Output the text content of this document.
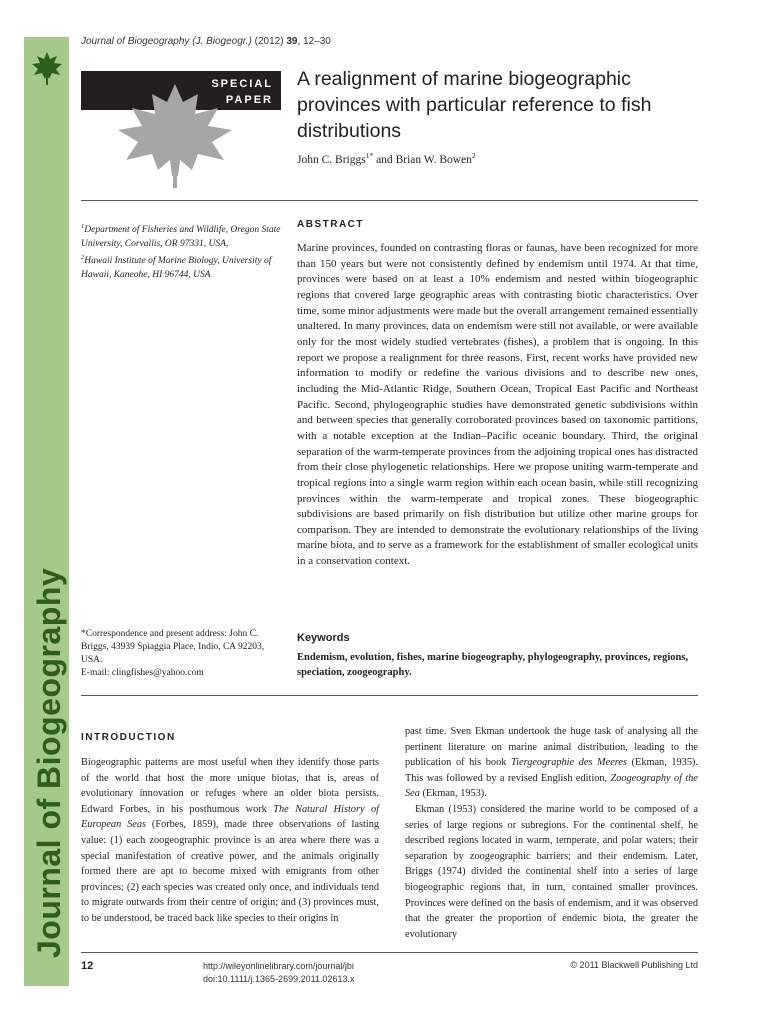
Journal of Biogeography
Journal of Biogeography (J. Biogeogr.) (2012) 39, 12–30
SPECIAL
PAPER
A realignment of marine biogeographic provinces with particular reference to fish distributions
John C. Briggs$^{1*}$ and Brian W. Bowen$^2$
$^1$Department of Fisheries and Wildlife, Oregon State University, Corvallis, OR 97331, USA,
$^2$Hawaii Institute of Marine Biology, University of Hawaii, Kaneohe, HI 96744, USA
*Correspondence and present address: John C. Briggs, 43939 Spiaggia Place, Indio, CA 92203, USA.
E-mail: clingfishes@yahoo.com
ABSTRACT
Marine provinces, founded on contrasting floras or faunas, have been recognized for more than 150 years but were not consistently defined by endemism until 1974. At that time, provinces were based on at least a 10% endemism and nested within biogeographic regions that covered large geographic areas with contrasting biotic characteristics. Over time, some minor adjustments were made but the overall arrangement remained essentially unaltered. In many provinces, data on endemism were still not available, or were available only for the most widely studied vertebrates (fishes), a problem that is ongoing. In this report we propose a realignment for three reasons. First, recent works have provided new information to modify or redefine the various divisions and to describe new ones, including the Mid-Atlantic Ridge, Southern Ocean, Tropical East Pacific and Northeast Pacific. Second, phylogeographic studies have demonstrated genetic subdivisions within and between species that generally corroborated provinces based on taxonomic partitions, with a notable exception at the Indian–Pacific oceanic boundary. Third, the original separation of the warm-temperate provinces from the adjoining tropical ones has distracted from their close phylogenetic relationships. Here we propose uniting warm-temperate and tropical regions into a single warm region within each ocean basin, while still recognizing provinces within the warm-temperate and tropical zones. These biogeographic subdivisions are based primarily on fish distribution but utilize other marine groups for comparison. They are intended to demonstrate the evolutionary relationships of the living marine biota, and to serve as a framework for the establishment of smaller ecological units in a conservation context.
Keywords
Endemism, evolution, fishes, marine biogeography, phylogeography, provinces, regions, speciation, zoogeography.
INTRODUCTION

Biogeographic patterns are most useful when they identify those parts of the world that host the more unique biotas, that is, areas of evolutionary innovation or refuges where an older biota persists. Edward Forbes, in his posthumous work The Natural History of European Seas (Forbes, 1859), made three observations of lasting value: (1) each zoogeographic province is an area where there was a special manifestation of creative power, and the animals originally formed there are apt to become mixed with emigrants from other provinces; (2) each species was created only once, and individuals tend to migrate outwards from their centre of origin; and (3) provinces must, to be understood, be traced back like species to their origins in

past time. Sven Ekman undertook the huge task of analysing all the pertinent literature on marine animal distribution, leading to the publication of his book Tiergeographie des Meeres (Ekman, 1935). This was followed by a revised English edition, Zoogeography of the Sea (Ekman, 1953).

Ekman (1953) considered the marine world to be composed of a series of large regions or subregions. For the continental shelf, he described regions located in warm, temperate, and polar waters; their separation by zoogeographic barriers; and their endemism. Later, Briggs (1974) divided the continental shelf into a series of large biogeographic regions that, in turn, contained smaller provinces. Provinces were defined on the basis of endemism, and it was observed that the greater the proportion of endemic biota, the greater the evolutionary

12	http://wileyonlinelibrary.com/journal/jbi
doi:10.1111/j.1365-2699.2011.02613.x
© 2011 Blackwell Publishing Ltd
